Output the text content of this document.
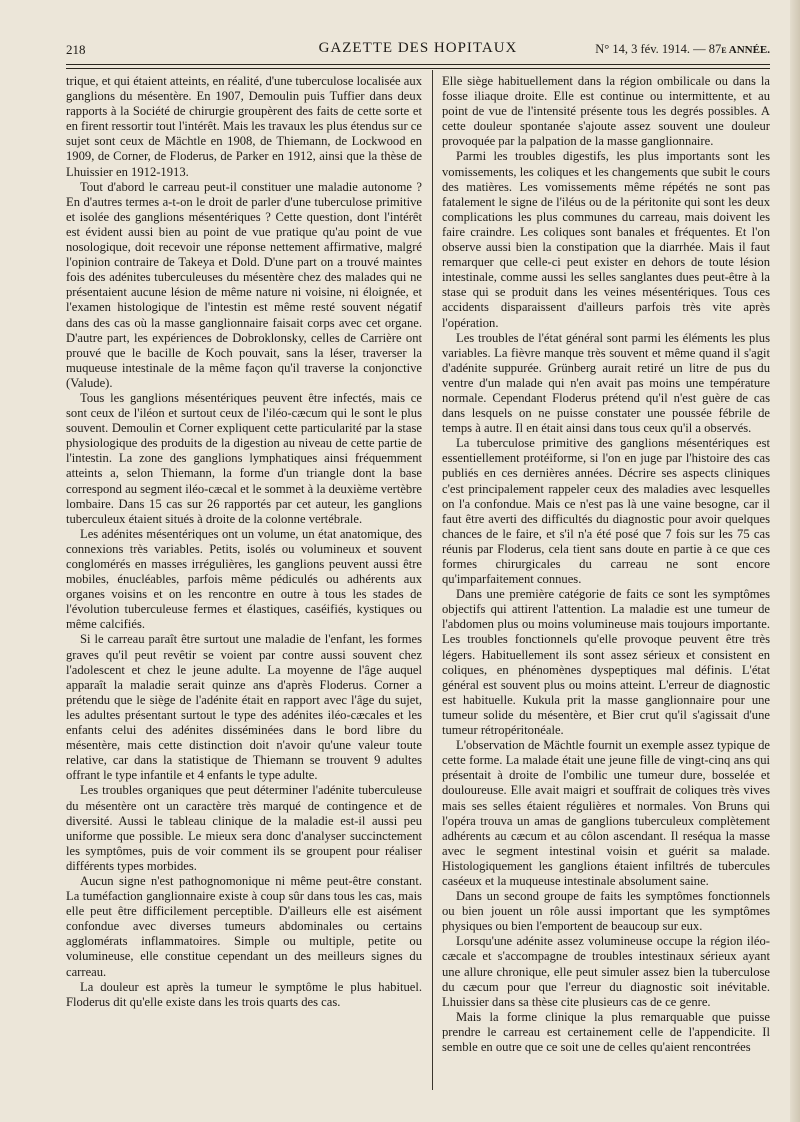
218	GAZETTE DES HOPITAUX	N° 14, 3 fév. 1914. — 87e ANNÉE.

trique, et qui étaient atteints, en réalité, d'une tuberculose localisée aux ganglions du mésentère. En 1907, Demoulin puis Tuffier dans deux rapports à la Société de chirurgie groupèrent des faits de cette sorte et en firent ressortir tout l'intérêt. Mais les travaux les plus étendus sur ce sujet sont ceux de Mächtle en 1908, de Thiemann, de Lockwood en 1909, de Corner, de Floderus, de Parker en 1912, ainsi que la thèse de Lhuissier en 1912-1913.

Tout d'abord le carreau peut-il constituer une maladie autonome ? En d'autres termes a-t-on le droit de parler d'une tuberculose primitive et isolée des ganglions mésentériques ? Cette question, dont l'intérêt est évident aussi bien au point de vue pratique qu'au point de vue nosologique, doit recevoir une réponse nettement affirmative, malgré l'opinion contraire de Takeya et Dold. D'une part on a trouvé maintes fois des adénites tuberculeuses du mésentère chez des malades qui ne présentaient aucune lésion de même nature ni voisine, ni éloignée, et l'examen histologique de l'intestin est même resté souvent négatif dans des cas où la masse ganglionnaire faisait corps avec cet organe. D'autre part, les expériences de Dobroklonsky, celles de Carrière ont prouvé que le bacille de Koch pouvait, sans la léser, traverser la muqueuse intestinale de la même façon qu'il traverse la conjonctive (Valude).

Tous les ganglions mésentériques peuvent être infectés, mais ce sont ceux de l'iléon et surtout ceux de l'iléo-cæcum qui le sont le plus souvent. Demoulin et Corner expliquent cette particularité par la stase physiologique des produits de la digestion au niveau de cette partie de l'intestin. La zone des ganglions lymphatiques ainsi fréquemment atteints a, selon Thiemann, la forme d'un triangle dont la base correspond au segment iléo-cæcal et le sommet à la deuxième vertèbre lombaire. Dans 15 cas sur 26 rapportés par cet auteur, les ganglions tuberculeux étaient situés à droite de la colonne vertébrale.

Les adénites mésentériques ont un volume, un état anatomique, des connexions très variables. Petits, isolés ou volumineux et souvent conglomérés en masses irrégulières, les ganglions peuvent aussi être mobiles, énucléables, parfois même pédiculés ou adhérents aux organes voisins et on les rencontre en outre à tous les stades de l'évolution tuberculeuse fermes et élastiques, caséifiés, kystiques ou même calcifiés.

Si le carreau paraît être surtout une maladie de l'enfant, les formes graves qu'il peut revêtir se voient par contre aussi souvent chez l'adolescent et chez le jeune adulte. La moyenne de l'âge auquel apparaît la maladie serait quinze ans d'après Floderus. Corner a prétendu que le siège de l'adénite était en rapport avec l'âge du sujet, les adultes présentant surtout le type des adénites iléo-cæcales et les enfants celui des adénites disséminées dans le bord libre du mésentère, mais cette distinction doit n'avoir qu'une valeur toute relative, car dans la statistique de Thiemann se trouvent 9 adultes offrant le type infantile et 4 enfants le type adulte.

Les troubles organiques que peut déterminer l'adénite tuberculeuse du mésentère ont un caractère très marqué de contingence et de diversité. Aussi le tableau clinique de la maladie est-il aussi peu uniforme que possible. Le mieux sera donc d'analyser succinctement les symptômes, puis de voir comment ils se groupent pour réaliser différents types morbides.

Aucun signe n'est pathognomonique ni même peut-être constant. La tuméfaction ganglionnaire existe à coup sûr dans tous les cas, mais elle peut être difficilement perceptible. D'ailleurs elle est aisément confondue avec diverses tumeurs abdominales ou certains agglomérats inflammatoires. Simple ou multiple, petite ou volumineuse, elle constitue cependant un des meilleurs signes du carreau.

La douleur est après la tumeur le symptôme le plus habituel. Floderus dit qu'elle existe dans les trois quarts des cas.

Elle siège habituellement dans la région ombilicale ou dans la fosse iliaque droite. Elle est continue ou intermittente, et au point de vue de l'intensité présente tous les degrés possibles. A cette douleur spontanée s'ajoute assez souvent une douleur provoquée par la palpation de la masse ganglionnaire.

Parmi les troubles digestifs, les plus importants sont les vomissements, les coliques et les changements que subit le cours des matières. Les vomissements même répétés ne sont pas fatalement le signe de l'iléus ou de la péritonite qui sont les deux complications les plus communes du carreau, mais doivent les faire craindre. Les coliques sont banales et fréquentes. Et l'on observe aussi bien la constipation que la diarrhée. Mais il faut remarquer que celle-ci peut exister en dehors de toute lésion intestinale, comme aussi les selles sanglantes dues peut-être à la stase qui se produit dans les veines mésentériques. Tous ces accidents disparaissent d'ailleurs parfois très vite après l'opération.

Les troubles de l'état général sont parmi les éléments les plus variables. La fièvre manque très souvent et même quand il s'agit d'adénite suppurée. Grünberg aurait retiré un litre de pus du ventre d'un malade qui n'en avait pas moins une température normale. Cependant Floderus prétend qu'il n'est guère de cas dans lesquels on ne puisse constater une poussée fébrile de temps à autre. Il en était ainsi dans tous ceux qu'il a observés.

La tuberculose primitive des ganglions mésentériques est essentiellement protéiforme, si l'on en juge par l'histoire des cas publiés en ces dernières années. Décrire ses aspects cliniques c'est principalement rappeler ceux des maladies avec lesquelles on l'a confondue. Mais ce n'est pas là une vaine besogne, car il faut être averti des difficultés du diagnostic pour avoir quelques chances de le faire, et s'il n'a été posé que 7 fois sur les 75 cas réunis par Floderus, cela tient sans doute en partie à ce que ces formes chirurgicales du carreau ne sont encore qu'imparfaitement connues.

Dans une première catégorie de faits ce sont les symptômes objectifs qui attirent l'attention. La maladie est une tumeur de l'abdomen plus ou moins volumineuse mais toujours importante. Les troubles fonctionnels qu'elle provoque peuvent être très légers. Habituellement ils sont assez sérieux et consistent en coliques, en phénomènes dyspeptiques mal définis. L'état général est souvent plus ou moins atteint. L'erreur de diagnostic est habituelle. Kukula prit la masse ganglionnaire pour une tumeur solide du mésentère, et Bier crut qu'il s'agissait d'une tumeur rétropéritonéale.

L'observation de Mächtle fournit un exemple assez typique de cette forme. La malade était une jeune fille de vingt-cinq ans qui présentait à droite de l'ombilic une tumeur dure, bosselée et douloureuse. Elle avait maigri et souffrait de coliques très vives mais ses selles étaient régulières et normales. Von Bruns qui l'opéra trouva un amas de ganglions tuberculeux complètement adhérents au cæcum et au côlon ascendant. Il reséqua la masse avec le segment intestinal voisin et guérit sa malade. Histologiquement les ganglions étaient infiltrés de tubercules caséeux et la muqueuse intestinale absolument saine.

Dans un second groupe de faits les symptômes fonctionnels ou bien jouent un rôle aussi important que les symptômes physiques ou bien l'emportent de beaucoup sur eux.

Lorsqu'une adénite assez volumineuse occupe la région iléo-cæcale et s'accompagne de troubles intestinaux sérieux ayant une allure chronique, elle peut simuler assez bien la tuberculose du cæcum pour que l'erreur du diagnostic soit inévitable. Lhuissier dans sa thèse cite plusieurs cas de ce genre.

Mais la forme clinique la plus remarquable que puisse prendre le carreau est certainement celle de l'appendicite. Il semble en outre que ce soit une de celles qu'aient rencontrées
